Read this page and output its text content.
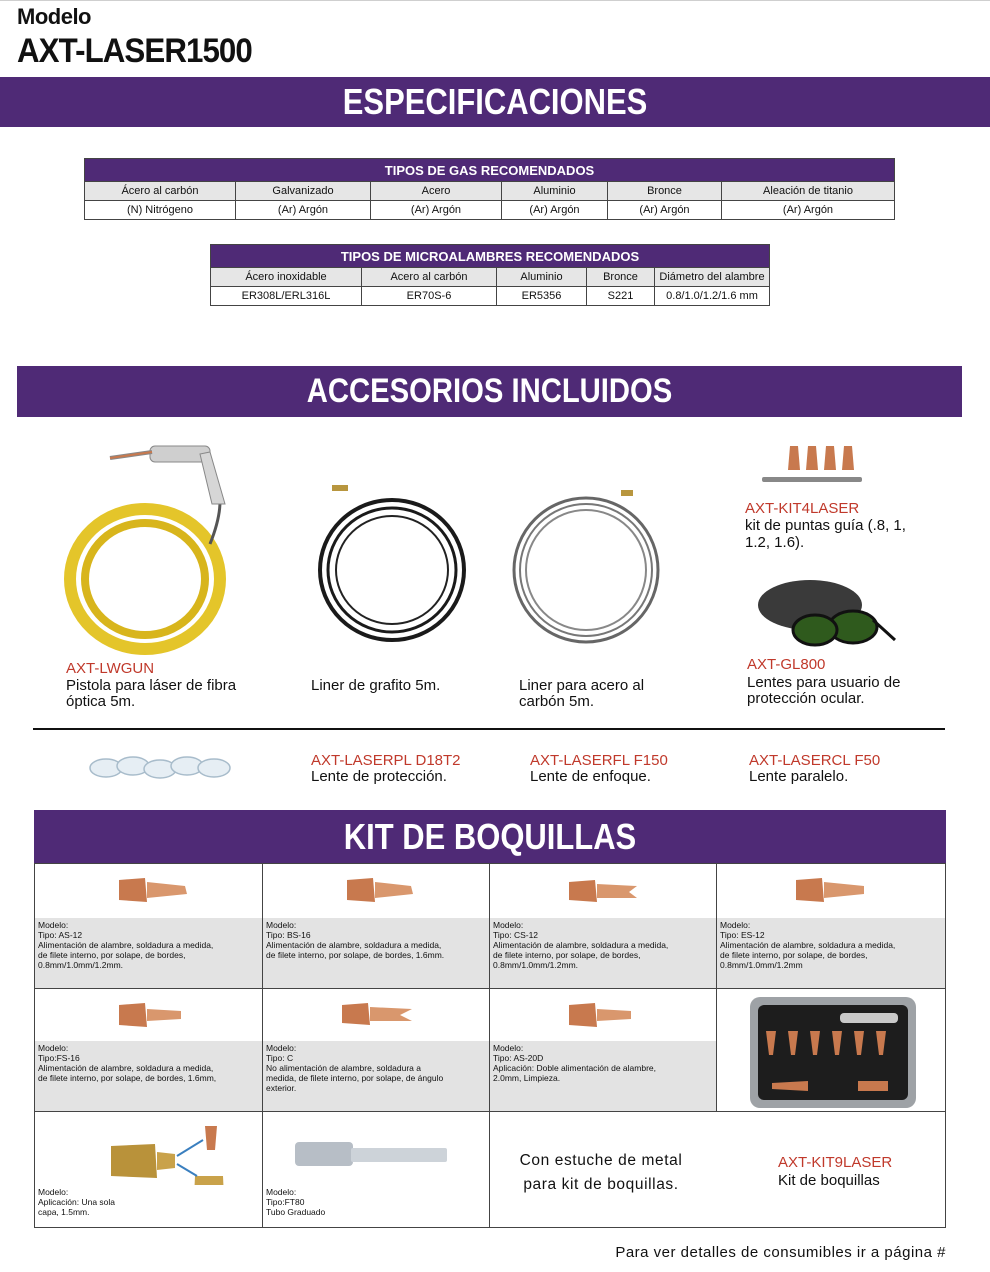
Modelo
AXT-LASER1500
ESPECIFICACIONES
TIPOS DE GAS RECOMENDADOS					
Ácero al carbón	Galvanizado	Acero	Aluminio	Bronce	Aleación de titanio
(N) Nitrógeno	(Ar) Argón	(Ar) Argón	(Ar) Argón	(Ar) Argón	(Ar) Argón
TIPOS DE MICROALAMBRES RECOMENDADOS				
Ácero inoxidable	Acero al carbón	Aluminio	Bronce	Diámetro del alambre
ER308L/ERL316L	ER70S-6	ER5356	S221	0.8/1.0/1.2/1.6 mm
ACCESORIOS INCLUIDOS
AXT-LWGUN
Pistola para láser de fibra
óptica 5m.
Liner de grafito 5m.	Liner para acero al
carbón 5m.
AXT-KIT4LASER
kit de puntas guía (.8, 1,
1.2, 1.6).
AXT-GL800
Lentes para usuario de
protección ocular.
AXT-LASERPL D18T2
Lente de protección.
AXT-LASERFL F150
Lente de enfoque.
AXT-LASERCL F50
Lente paralelo.
KIT DE BOQUILLAS
Modelo:
Tipo: AS-12
Alimentación de alambre, soldadura a medida,
de filete interno, por solape, de bordes,
0.8mm/1.0mm/1.2mm.
Modelo:
Tipo: BS-16
Alimentación de alambre, soldadura a medida,
de filete interno, por solape, de bordes, 1.6mm.
Modelo:
Tipo: CS-12
Alimentación de alambre, soldadura a medida,
de filete interno, por solape, de bordes,
0.8mm/1.0mm/1.2mm.
Modelo:
Tipo: ES-12
Alimentación de alambre, soldadura a medida,
de filete interno, por solape, de bordes,
0.8mm/1.0mm/1.2mm
Modelo:
Tipo:FS-16
Alimentación de alambre, soldadura a medida,
de filete interno, por solape, de bordes, 1.6mm,
Modelo:
Tipo: C
No alimentación de alambre, soldadura a
medida, de filete interno, por solape, de ángulo
exterior.
Modelo:
Tipo: AS-20D
Aplicación: Doble alimentación de alambre,
2.0mm, Limpieza.
Modelo:
Aplicación: Una sola
capa, 1.5mm.
Modelo:
Tipo:FT80
Tubo Graduado
Con estuche de metal
para kit de boquillas.
AXT-KIT9LASER
Kit de boquillas
Para ver detalles de consumibles ir a página #
